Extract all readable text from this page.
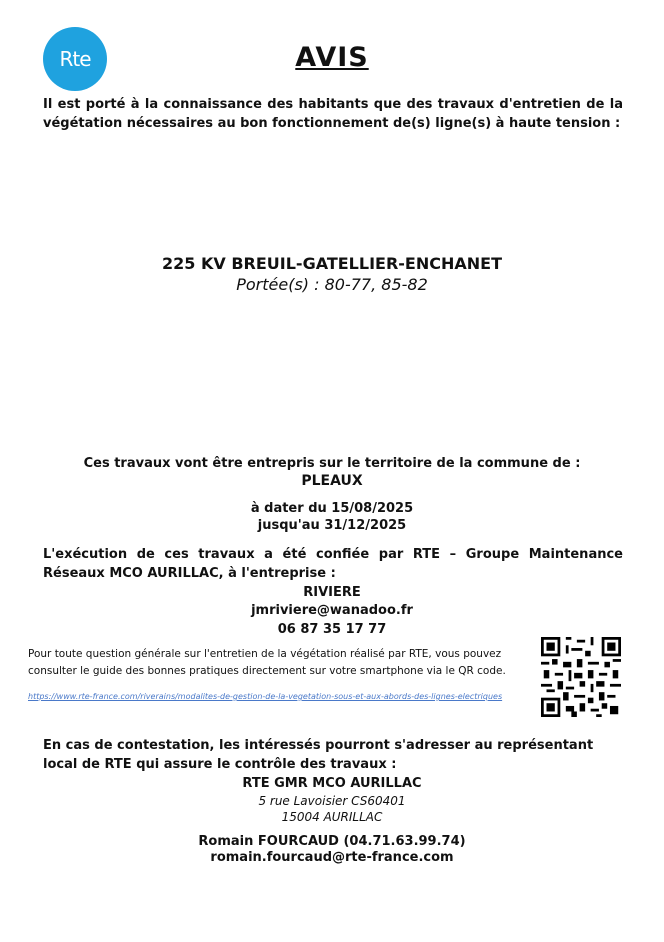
Rte	AVIS
Il est porté à la connaissance des habitants que des travaux d'entretien de la végétation nécessaires au bon fonctionnement de(s) ligne(s) à haute tension :
225 KV BREUIL-GATELLIER-ENCHANET
Portée(s) : 80-77, 85-82
Ces travaux vont être entrepris sur le territoire de la commune de :
PLEAUX
à dater du 15/08/2025
jusqu'au 31/12/2025
L'exécution de ces travaux a été confiée par RTE – Groupe Maintenance Réseaux MCO AURILLAC, à l'entreprise :
RIVIERE
jmriviere@wanadoo.fr
06 87 35 17 77
Pour toute question générale sur l'entretien de la végétation réalisé par RTE, vous pouvez consulter le guide des bonnes pratiques directement sur votre smartphone via le QR code.
https://www.rte-france.com/riverains/modalites-de-gestion-de-la-vegetation-sous-et-aux-abords-des-lignes-electriques
En cas de contestation, les intéressés pourront s'adresser au représentant local de RTE qui assure le contrôle des travaux :
RTE GMR MCO AURILLAC
5 rue Lavoisier CS60401
15004 AURILLAC
Romain FOURCAUD (04.71.63.99.74)
romain.fourcaud@rte-france.com
